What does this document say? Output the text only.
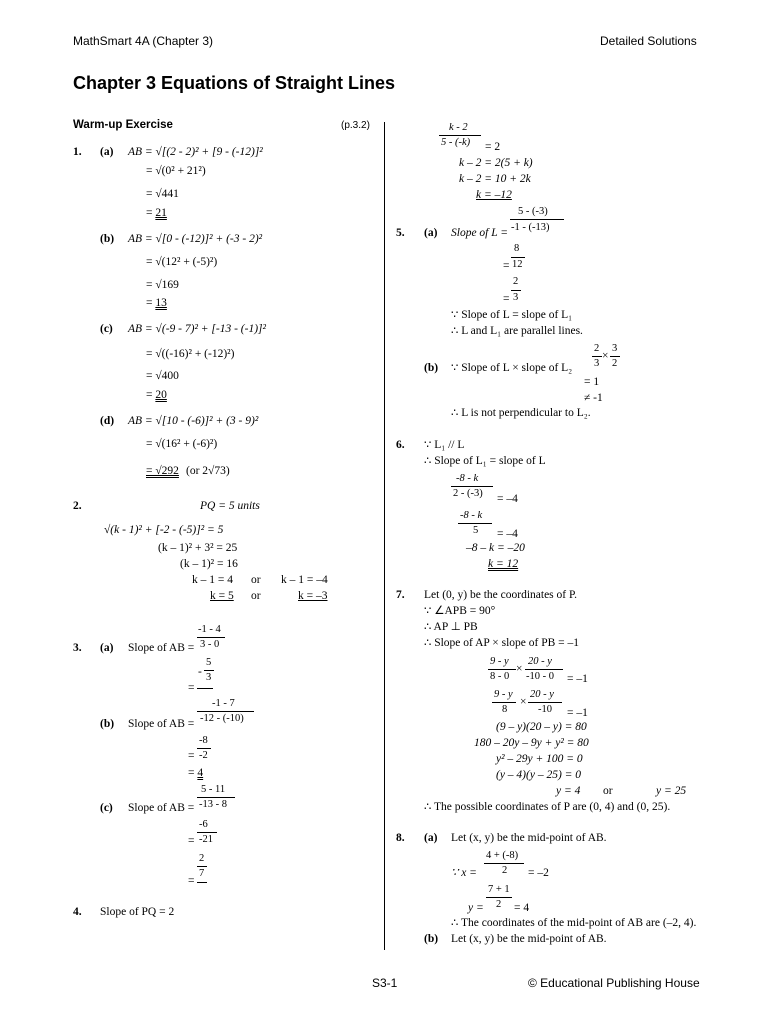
MathSmart 4A (Chapter 3)	Detailed Solutions
Chapter 3 Equations of Straight Lines
Warm-up Exercise	(p.3.2)
1. (a) AB = √[(2 - 2)² + [9 - (-12)]²
= √(0² + 21²)
= √441
= 21
(b) AB = √[0 - (-12)]² + (-3 - 2)²
= √(12² + (-5)²)
= √169
= 13
(c) AB = √(-9 - 7)² + [-13 - (-1)]²
= √((-16)² + (-12)²)
= √400
= 20
(d) AB = √[10 - (-6)]² + (3 - 9)²
= √(16² + (-6)²)
= √292 (or 2√73)
2.	PQ = 5 units
√(k - 1)² + [-2 - (-5)]² = 5
(k – 1)² + 3² = 25
(k – 1)² = 16
k – 1 = 4 or k – 1 = –4
k = 5 or	k = –3
3. (a) Slope of AB =
-1 - 4
3 - 0
-
5
3
=
(b) Slope of AB =
-1 - 7
-12 - (-10)
=
-8
-2
= 4
(c) Slope of AB =
5 - 11
-13 - 8
=
-6
-21
=
2
7
4. Slope of PQ = 2
k - 2
5 - (-k) = 2
k – 2 = 2(5 + k)
k – 2 = 10 + 2k
k = –12
5. (a) Slope of L =
5 - (-3)
-1 - (-13)
=
8
12
=
2
3
∵ Slope of L = slope of L₁
∴ L and L₁ are parallel lines.
(b) ∵ Slope of L × slope of L₂
2
3
×
3
2
= 1
≠ -1
∴ L is not perpendicular to L₂.
6. ∵ L₁ // L
∴ Slope of L₁ = slope of L
-8 - k
2 - (-3) = –4
-8 - k
5 = –4
–8 – k = –20
k = 12
7. Let (0, y) be the coordinates of P.
∵ ∠APB = 90°
∴ AP ⊥ PB
∴ Slope of AP × slope of PB = –1
9 - y
8 - 0
×
20 - y
-10 - 0 = –1
9 - y
8
×
20 - y
-10 = –1
(9 – y)(20 – y) = 80
180 – 20y – 9y + y² = 80
y² – 29y + 100 = 0
(y – 4)(y – 25) = 0
y = 4 or	y = 25
∴ The possible coordinates of P are (0, 4) and (0, 25).
8. (a) Let (x, y) be the mid-point of AB.
∵ x =
4 + (-8)
2 = –2
y =
7 + 1
2 = 4
∴ The coordinates of the mid-point of AB are (–2, 4).
(b) Let (x, y) be the mid-point of AB.
S3-1	© Educational Publishing House
